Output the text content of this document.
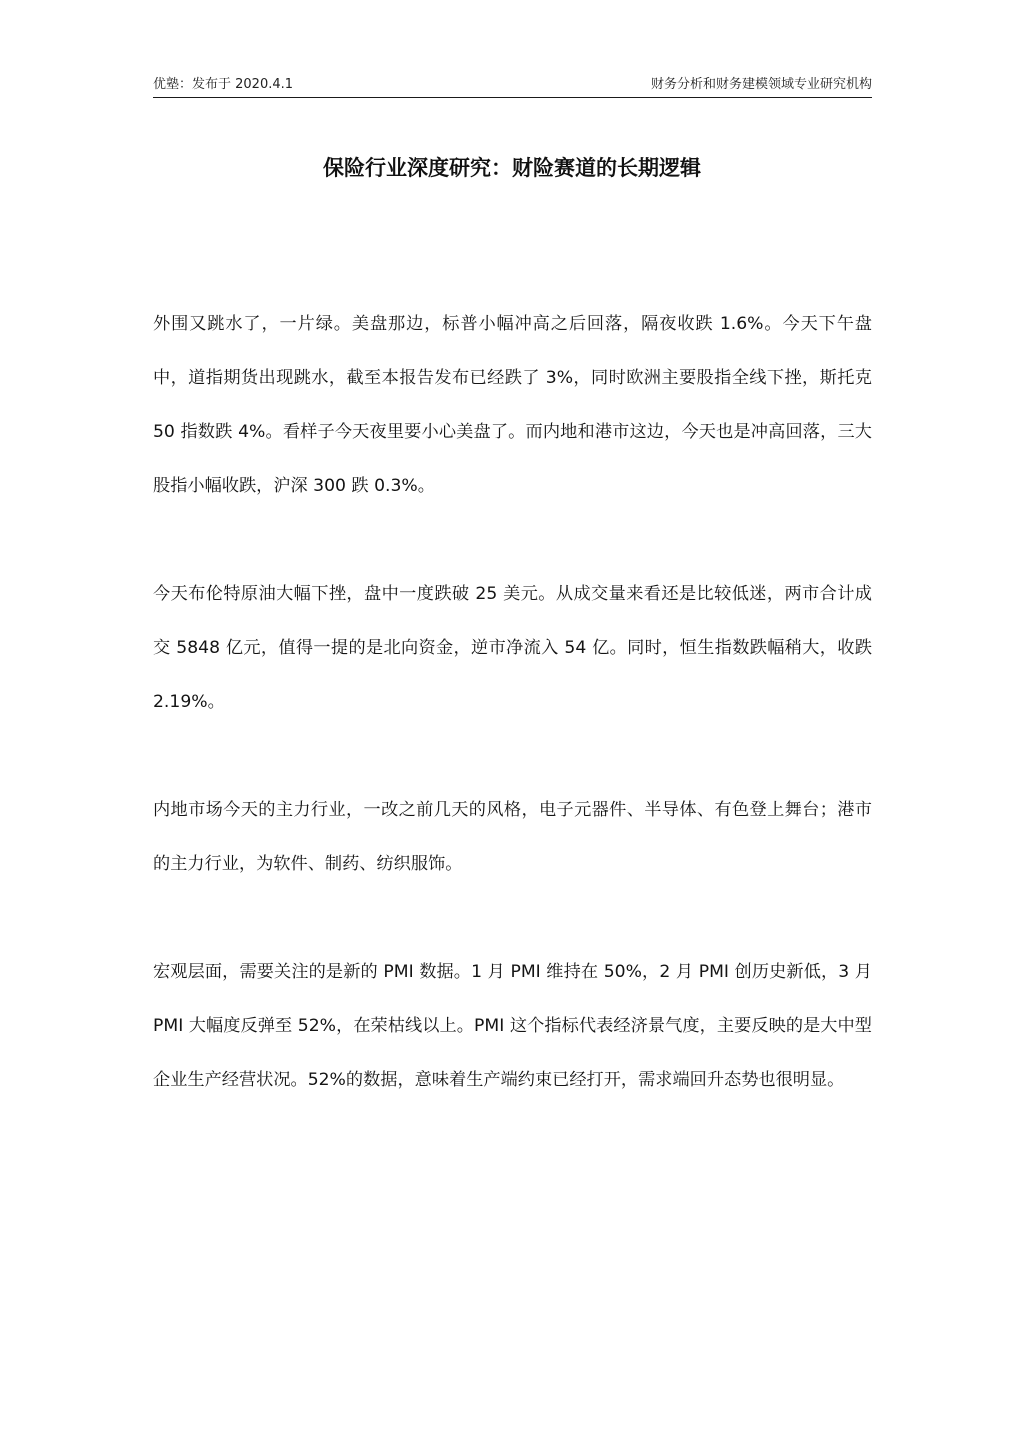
优塾：发布于 2020.4.1	财务分析和财务建模领域专业研究机构
保险行业深度研究：财险赛道的长期逻辑

外围又跳水了，一片绿。美盘那边，标普小幅冲高之后回落，隔夜收跌 1.6%。今天下午盘中，道指期货出现跳水，截至本报告发布已经跌了 3%，同时欧洲主要股指全线下挫，斯托克 50 指数跌 4%。看样子今天夜里要小心美盘了。而内地和港市这边，今天也是冲高回落，三大股指小幅收跌，沪深 300 跌 0.3%。

今天布伦特原油大幅下挫，盘中一度跌破 25 美元。从成交量来看还是比较低迷，两市合计成交 5848 亿元，值得一提的是北向资金，逆市净流入 54 亿。同时，恒生指数跌幅稍大，收跌 2.19%。

内地市场今天的主力行业，一改之前几天的风格，电子元器件、半导体、有色登上舞台；港市的主力行业，为软件、制药、纺织服饰。

宏观层面，需要关注的是新的 PMI 数据。1 月 PMI 维持在 50%，2 月 PMI 创历史新低，3 月 PMI 大幅度反弹至 52%，在荣枯线以上。PMI 这个指标代表经济景气度，主要反映的是大中型企业生产经营状况。52%的数据，意味着生产端约束已经打开，需求端回升态势也很明显。
